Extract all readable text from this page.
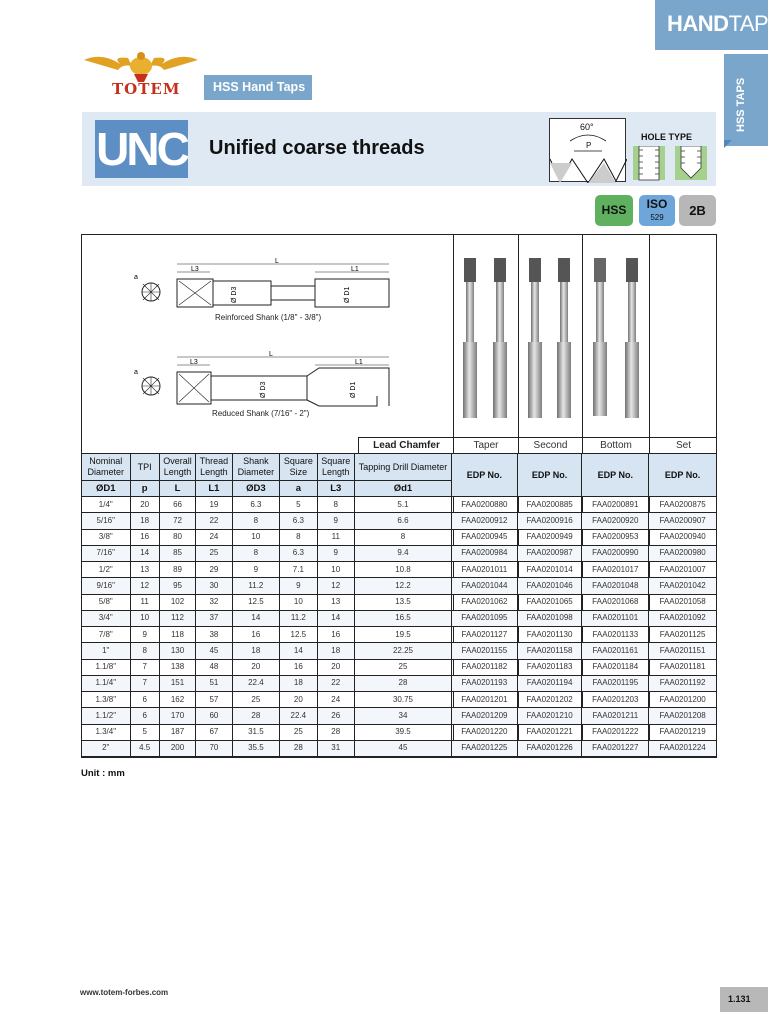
HANDTAP
HSS TAPS
TOTEM	HSS Hand Taps
UNC Unified coarse threads
60°
P
HOLE TYPE
HSS	ISO
529	2B
a
L
L3	L1
Ø D3	Ø D1
Reinforced Shank (1/8" - 3/8")
a
L
L3	L1
Ø D3	Ø D1
Reduced Shank (7/16" - 2")
Lead Chamfer	Taper	Second	Bottom	Set
Nominal Diameter	TPI	Overall Length	Thread Length	Shank Diameter	Square Size	Square Length	Tapping Drill Diameter	EDP No.	EDP No.	EDP No.	EDP No.
ØD1	p	L	L1	ØD3	a	L3	Ød1				
1/4"	20	66	19	6.3	5	8	5.1	FAA0200880	FAA0200885	FAA0200891	FAA0200875
5/16"	18	72	22	8	6.3	9	6.6	FAA0200912	FAA0200916	FAA0200920	FAA0200907
3/8"	16	80	24	10	8	11	8	FAA0200945	FAA0200949	FAA0200953	FAA0200940
7/16"	14	85	25	8	6.3	9	9.4	FAA0200984	FAA0200987	FAA0200990	FAA0200980
1/2"	13	89	29	9	7.1	10	10.8	FAA0201011	FAA0201014	FAA0201017	FAA0201007
9/16"	12	95	30	11.2	9	12	12.2	FAA0201044	FAA0201046	FAA0201048	FAA0201042
5/8"	11	102	32	12.5	10	13	13.5	FAA0201062	FAA0201065	FAA0201068	FAA0201058
3/4"	10	112	37	14	11.2	14	16.5	FAA0201095	FAA0201098	FAA0201101	FAA0201092
7/8"	9	118	38	16	12.5	16	19.5	FAA0201127	FAA0201130	FAA0201133	FAA0201125
1"	8	130	45	18	14	18	22.25	FAA0201155	FAA0201158	FAA0201161	FAA0201151
1.1/8"	7	138	48	20	16	20	25	FAA0201182	FAA0201183	FAA0201184	FAA0201181
1.1/4"	7	151	51	22.4	18	22	28	FAA0201193	FAA0201194	FAA0201195	FAA0201192
1.3/8"	6	162	57	25	20	24	30.75	FAA0201201	FAA0201202	FAA0201203	FAA0201200
1.1/2"	6	170	60	28	22.4	26	34	FAA0201209	FAA0201210	FAA0201211	FAA0201208
1.3/4"	5	187	67	31.5	25	28	39.5	FAA0201220	FAA0201221	FAA0201222	FAA0201219
2"	4.5	200	70	35.5	28	31	45	FAA0201225	FAA0201226	FAA0201227	FAA0201224
Unit : mm
www.totem-forbes.com
1.131
